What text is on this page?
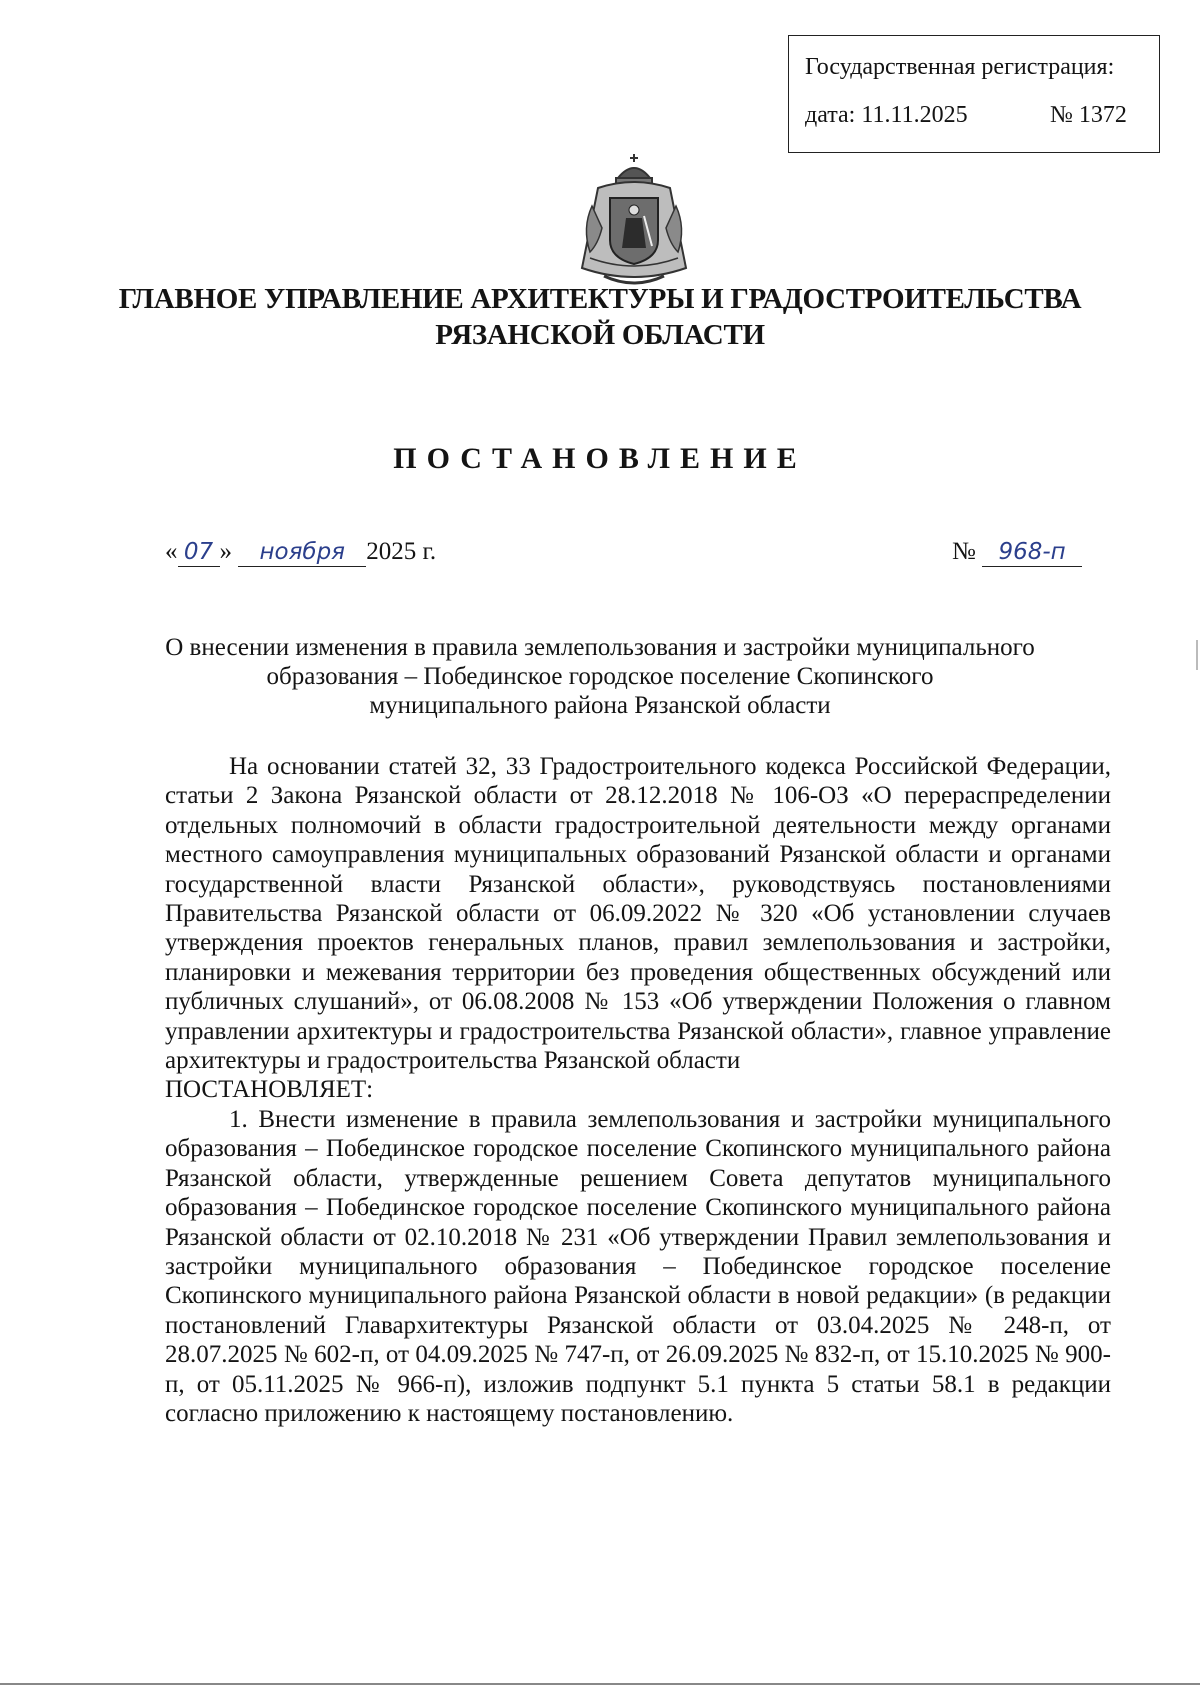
Государственная регистрация:
дата: 11.11.2025	№ 1372
ГЛАВНОЕ УПРАВЛЕНИЕ АРХИТЕКТУРЫ И ГРАДОСТРОИТЕЛЬСТВА
РЯЗАНСКОЙ ОБЛАСТИ
ПОСТАНОВЛЕНИЕ
« 07 » ноября 2025 г.	№ 968-п
О внесении изменения в правила землепользования и застройки муниципального
образования – Побединское городское поселение Скопинского
муниципального района Рязанской области

На основании статей 32, 33 Градостроительного кодекса Российской Федерации, статьи 2 Закона Рязанской области от 28.12.2018 № 106-ОЗ «О перераспределении отдельных полномочий в области градостроительной деятельности между органами местного самоуправления муниципальных образований Рязанской области и органами государственной власти Рязанской области», руководствуясь постановлениями Правительства Рязанской области от 06.09.2022 № 320 «Об установлении случаев утверждения проектов генеральных планов, правил землепользования и застройки, планировки и межевания территории без проведения общественных обсуждений или публичных слушаний», от 06.08.2008 № 153 «Об утверждении Положения о главном управлении архитектуры и градостроительства Рязанской области», главное управление архитектуры и градостроительства Рязанской области

ПОСТАНОВЛЯЕТ:

1. Внести изменение в правила землепользования и застройки муниципального образования – Побединское городское поселение Скопинского муниципального района Рязанской области, утвержденные решением Совета депутатов муниципального образования – Побединское городское поселение Скопинского муниципального района Рязанской области от 02.10.2018 № 231 «Об утверждении Правил землепользования и застройки муниципального образования – Побединское городское поселение Скопинского муниципального района Рязанской области в новой редакции» (в редакции постановлений Главархитектуры Рязанской области от 03.04.2025 № 248-п, от 28.07.2025 № 602-п, от 04.09.2025 № 747-п, от 26.09.2025 № 832-п, от 15.10.2025 № 900-п, от 05.11.2025 № 966-п), изложив подпункт 5.1 пункта 5 статьи 58.1 в редакции согласно приложению к настоящему постановлению.
